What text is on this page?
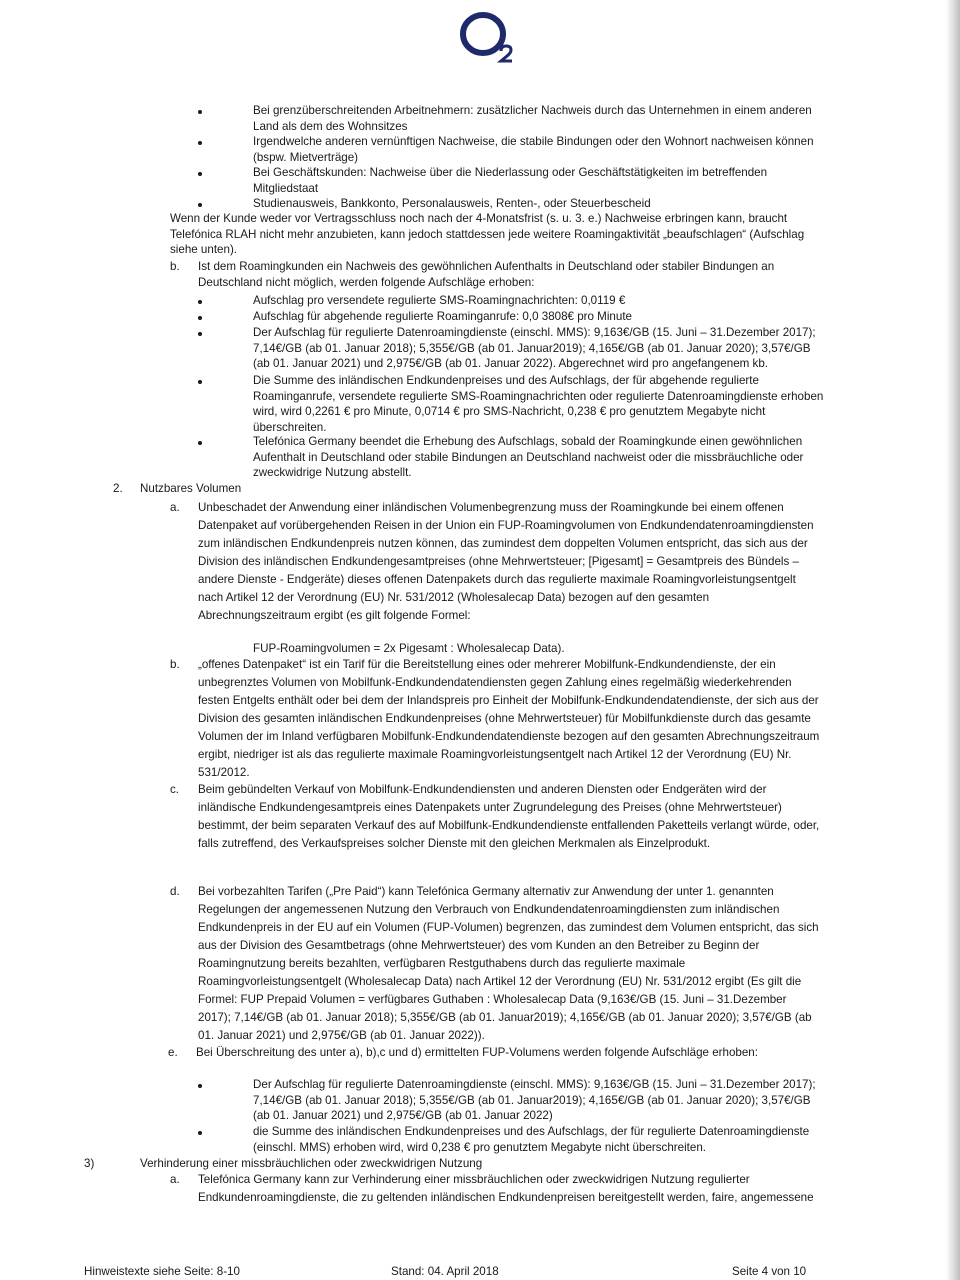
Bei grenzüberschreitenden Arbeitnehmern: zusätzlicher Nachweis durch das Unternehmen in einem anderen Land als dem des Wohnsitzes
Irgendwelche anderen vernünftigen Nachweise, die stabile Bindungen oder den Wohnort nachweisen können (bspw. Mietverträge)
Bei Geschäftskunden: Nachweise über die Niederlassung oder Geschäftstätigkeiten im betreffenden Mitgliedstaat
Studienausweis, Bankkonto, Personalausweis, Renten-, oder Steuerbescheid
Wenn der Kunde weder vor Vertragsschluss noch nach der 4-Monatsfrist (s. u. 3. e.) Nachweise erbringen kann, braucht Telefónica RLAH nicht mehr anzubieten, kann jedoch stattdessen jede weitere Roamingaktivität „beaufschlagen“ (Aufschlag siehe unten).
b. Ist dem Roamingkunden ein Nachweis des gewöhnlichen Aufenthalts in Deutschland oder stabiler Bindungen an Deutschland nicht möglich, werden folgende Aufschläge erhoben:
Aufschlag pro versendete regulierte SMS-Roamingnachrichten: 0,0119 €
Aufschlag für abgehende regulierte Roaminganrufe: 0,0 3808€ pro Minute
Der Aufschlag für regulierte Datenroamingdienste (einschl. MMS): 9,163€/GB (15. Juni – 31.Dezember 2017); 7,14€/GB (ab 01. Januar 2018); 5,355€/GB (ab 01. Januar2019); 4,165€/GB (ab 01. Januar 2020); 3,57€/GB (ab 01. Januar 2021) und 2,975€/GB (ab 01. Januar 2022). Abgerechnet wird pro angefangenem kb.
Die Summe des inländischen Endkundenpreises und des Aufschlags, der für abgehende regulierte Roaminganrufe, versendete regulierte SMS-Roamingnachrichten oder regulierte Datenroamingdienste erhoben wird, wird 0,2261 € pro Minute, 0,0714 € pro SMS-Nachricht, 0,238 € pro genutztem Megabyte nicht überschreiten.
Telefónica Germany beendet die Erhebung des Aufschlags, sobald der Roamingkunde einen gewöhnlichen Aufenthalt in Deutschland oder stabile Bindungen an Deutschland nachweist oder die missbräuchliche oder zweckwidrige Nutzung abstellt.
2. Nutzbares Volumen
a. Unbeschadet der Anwendung einer inländischen Volumenbegrenzung muss der Roamingkunde bei einem offenen Datenpaket auf vorübergehenden Reisen in der Union ein FUP-Roamingvolumen von Endkundendatenroamingdiensten zum inländischen Endkundenpreis nutzen können, das zumindest dem doppelten Volumen entspricht, das sich aus der Division des inländischen Endkundengesamtpreises (ohne Mehrwertsteuer; [Pigesamt] = Gesamtpreis des Bündels – andere Dienste - Endgeräte) dieses offenen Datenpakets durch das regulierte maximale Roamingvorleistungsentgelt nach Artikel 12 der Verordnung (EU) Nr. 531/2012 (Wholesalecap Data) bezogen auf den gesamten Abrechnungszeitraum ergibt (es gilt folgende Formel:
FUP-Roamingvolumen = 2x Pigesamt : Wholesalecap Data).
b. „offenes Datenpaket“ ist ein Tarif für die Bereitstellung eines oder mehrerer Mobilfunk-Endkundendienste, der ein unbegrenztes Volumen von Mobilfunk-Endkundendatendiensten gegen Zahlung eines regelmäßig wiederkehrenden festen Entgelts enthält oder bei dem der Inlandspreis pro Einheit der Mobilfunk-Endkundendatendienste, der sich aus der Division des gesamten inländischen Endkundenpreises (ohne Mehrwertsteuer) für Mobilfunkdienste durch das gesamte Volumen der im Inland verfügbaren Mobilfunk-Endkundendatendienste bezogen auf den gesamten Abrechnungszeitraum ergibt, niedriger ist als das regulierte maximale Roamingvorleistungsentgelt nach Artikel 12 der Verordnung (EU) Nr. 531/2012.
c. Beim gebündelten Verkauf von Mobilfunk-Endkundendiensten und anderen Diensten oder Endgeräten wird der inländische Endkundengesamtpreis eines Datenpakets unter Zugrundelegung des Preises (ohne Mehrwertsteuer) bestimmt, der beim separaten Verkauf des auf Mobilfunk-Endkundendienste entfallenden Paketteils verlangt würde, oder, falls zutreffend, des Verkaufspreises solcher Dienste mit den gleichen Merkmalen als Einzelprodukt.
d. Bei vorbezahlten Tarifen („Pre Paid“) kann Telefónica Germany alternativ zur Anwendung der unter 1. genannten Regelungen der angemessenen Nutzung den Verbrauch von Endkundendatenroamingdiensten zum inländischen Endkundenpreis in der EU auf ein Volumen (FUP-Volumen) begrenzen, das zumindest dem Volumen entspricht, das sich aus der Division des Gesamtbetrags (ohne Mehrwertsteuer) des vom Kunden an den Betreiber zu Beginn der Roamingnutzung bereits bezahlten, verfügbaren Restguthabens durch das regulierte maximale Roamingvorleistungsentgelt (Wholesalecap Data) nach Artikel 12 der Verordnung (EU) Nr. 531/2012 ergibt (Es gilt die Formel: FUP Prepaid Volumen = verfügbares Guthaben : Wholesalecap Data (9,163€/GB (15. Juni – 31.Dezember 2017); 7,14€/GB (ab 01. Januar 2018); 5,355€/GB (ab 01. Januar2019); 4,165€/GB (ab 01. Januar 2020); 3,57€/GB (ab 01. Januar 2021) und 2,975€/GB (ab 01. Januar 2022)).
e. Bei Überschreitung des unter a), b),c und d) ermittelten FUP-Volumens werden folgende Aufschläge erhoben:
Der Aufschlag für regulierte Datenroamingdienste (einschl. MMS): 9,163€/GB (15. Juni – 31.Dezember 2017); 7,14€/GB (ab 01. Januar 2018); 5,355€/GB (ab 01. Januar2019); 4,165€/GB (ab 01. Januar 2020); 3,57€/GB (ab 01. Januar 2021) und 2,975€/GB (ab 01. Januar 2022)
die Summe des inländischen Endkundenpreises und des Aufschlags, der für regulierte Datenroamingdienste (einschl. MMS) erhoben wird, wird 0,238 € pro genutztem Megabyte nicht überschreiten.
3)	Verhinderung einer missbräuchlichen oder zweckwidrigen Nutzung
a. Telefónica Germany kann zur Verhinderung einer missbräuchlichen oder zweckwidrigen Nutzung regulierter Endkundenroamingdienste, die zu geltenden inländischen Endkundenpreisen bereitgestellt werden, faire, angemessene
Hinweistexte siehe Seite: 8-10	Stand: 04. April 2018	Seite 4 von 10
